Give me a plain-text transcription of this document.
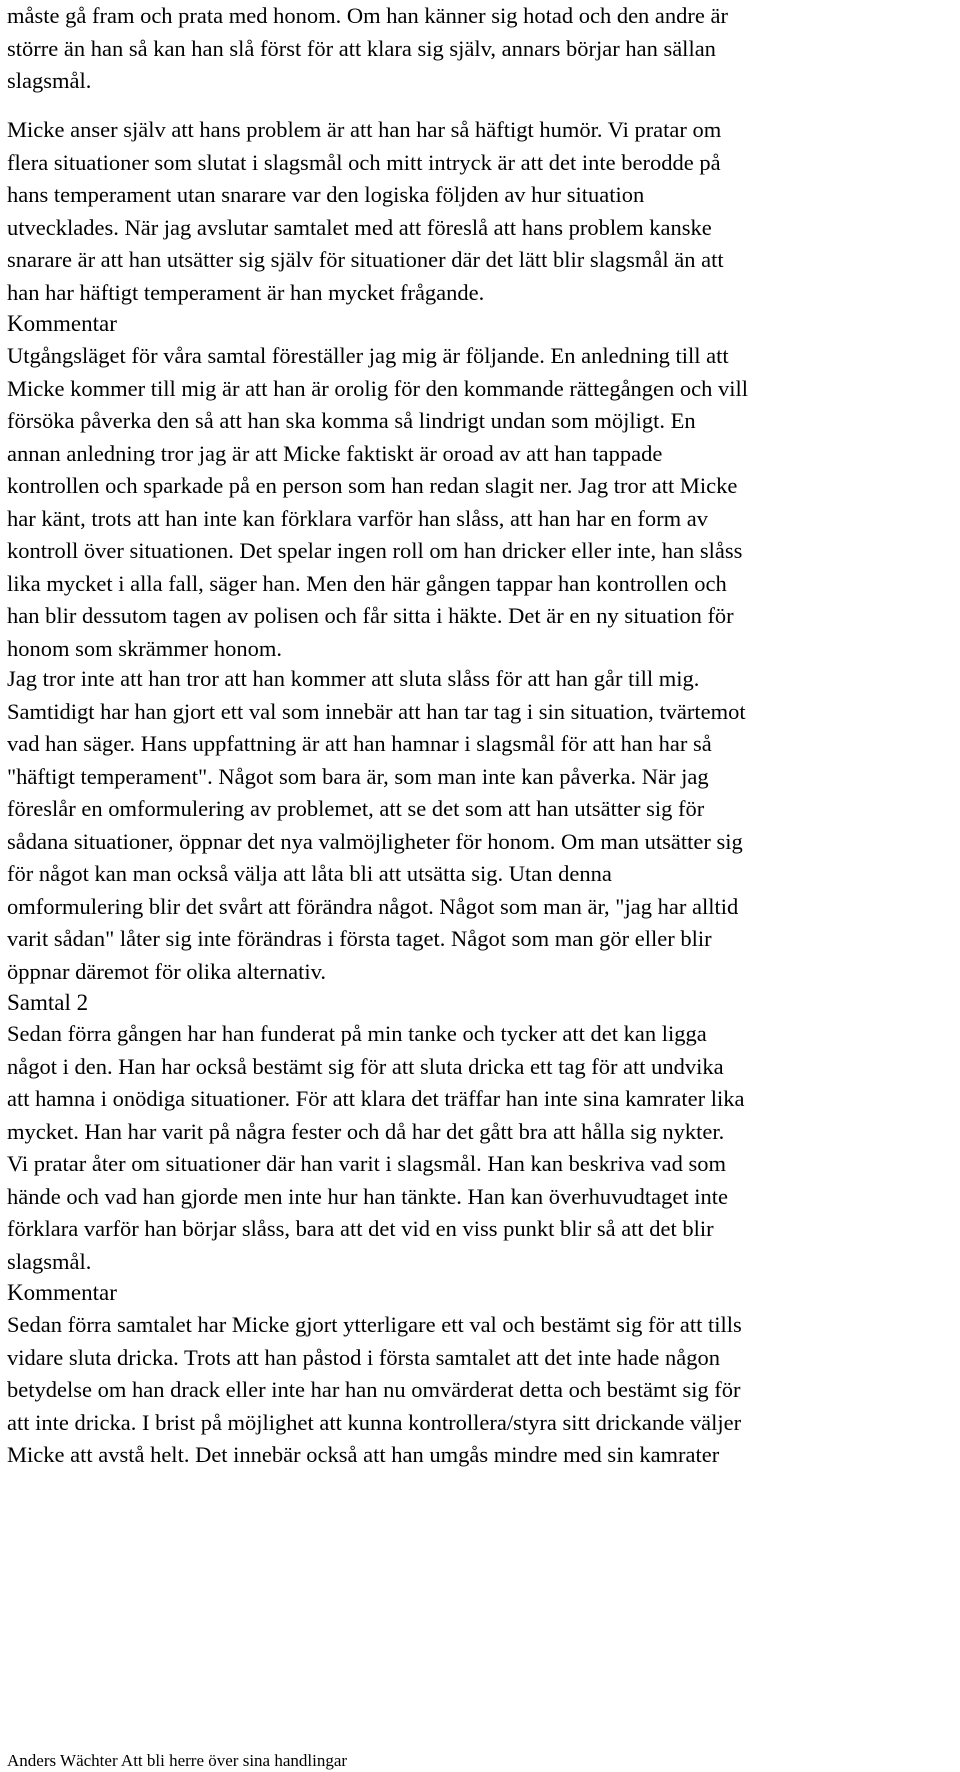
måste gå fram och prata med honom. Om han känner sig hotad och den andre är
större än han så kan han slå först för att klara sig själv, annars börjar han sällan
slagsmål.
Micke anser själv att hans problem är att han har så häftigt humör. Vi pratar om
flera situationer som slutat i slagsmål och mitt intryck är att det inte berodde på
hans temperament utan snarare var den logiska följden av hur situation
utvecklades. När jag avslutar samtalet med att föreslå att hans problem kanske
snarare är att han utsätter sig själv för situationer där det lätt blir slagsmål än att
han har häftigt temperament är han mycket frågande.
Kommentar
Utgångsläget för våra samtal föreställer jag mig är följande. En anledning till att
Micke kommer till mig är att han är orolig för den kommande rättegången och vill
försöka påverka den så att han ska komma så lindrigt undan som möjligt. En
annan anledning tror jag är att Micke faktiskt är oroad av att han tappade
kontrollen och sparkade på en person som han redan slagit ner. Jag tror att Micke
har känt, trots att han inte kan förklara varför han slåss, att han har en form av
kontroll över situationen. Det spelar ingen roll om han dricker eller inte, han slåss
lika mycket i alla fall, säger han. Men den här gången tappar han kontrollen och
han blir dessutom tagen av polisen och får sitta i häkte. Det är en ny situation för
honom som skrämmer honom.
Jag tror inte att han tror att han kommer att sluta slåss för att han går till mig.
Samtidigt har han gjort ett val som innebär att han tar tag i sin situation, tvärtemot
vad han säger. Hans uppfattning är att han hamnar i slagsmål för att han har så
"häftigt temperament". Något som bara är, som man inte kan påverka. När jag
föreslår en omformulering av problemet, att se det som att han utsätter sig för
sådana situationer, öppnar det nya valmöjligheter för honom. Om man utsätter sig
för något kan man också välja att låta bli att utsätta sig. Utan denna
omformulering blir det svårt att förändra något. Något som man är, "jag har alltid
varit sådan" låter sig inte förändras i första taget. Något som man gör eller blir
öppnar däremot för olika alternativ.
Samtal 2
Sedan förra gången har han funderat på min tanke och tycker att det kan ligga
något i den. Han har också bestämt sig för att sluta dricka ett tag för att undvika
att hamna i onödiga situationer. För att klara det träffar han inte sina kamrater lika
mycket. Han har varit på några fester och då har det gått bra att hålla sig nykter.
Vi pratar åter om situationer där han varit i slagsmål. Han kan beskriva vad som
hände och vad han gjorde men inte hur han tänkte. Han kan överhuvudtaget inte
förklara varför han börjar slåss, bara att det vid en viss punkt blir så att det blir
slagsmål.
Kommentar
Sedan förra samtalet har Micke gjort ytterligare ett val och bestämt sig för att tills
vidare sluta dricka. Trots att han påstod i första samtalet att det inte hade någon
betydelse om han drack eller inte har han nu omvärderat detta och bestämt sig för
att inte dricka. I brist på möjlighet att kunna kontrollera/styra sitt drickande väljer
Micke att avstå helt. Det innebär också att han umgås mindre med sin kamrater
Anders Wächter Att bli herre över sina handlingar
